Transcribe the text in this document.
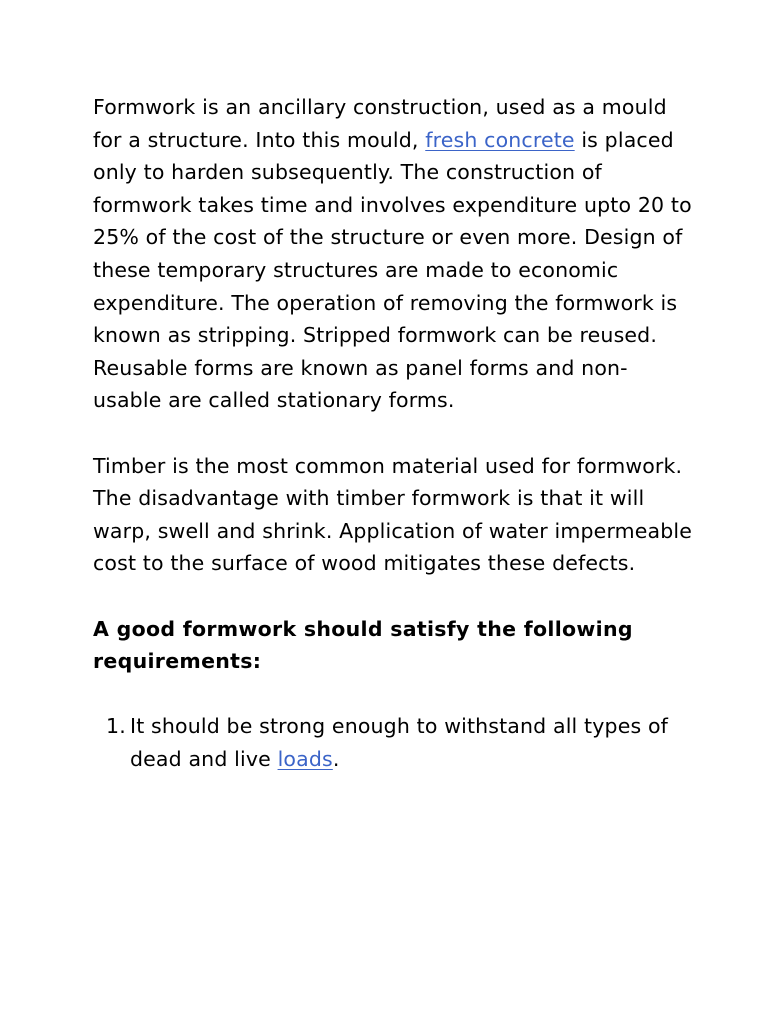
Formwork is an ancillary construction, used as a mould for a structure. Into this mould, fresh concrete is placed only to harden subsequently. The construction of formwork takes time and involves expenditure upto 20 to 25% of the cost of the structure or even more. Design of these temporary structures are made to economic expenditure. The operation of removing the formwork is known as stripping. Stripped formwork can be reused. Reusable forms are known as panel forms and non-usable are called stationary forms.

Timber is the most common material used for formwork. The disadvantage with timber formwork is that it will warp, swell and shrink. Application of water impermeable cost to the surface of wood mitigates these defects.

A good formwork should satisfy the following requirements:

1. It should be strong enough to withstand all types of dead and live loads.
